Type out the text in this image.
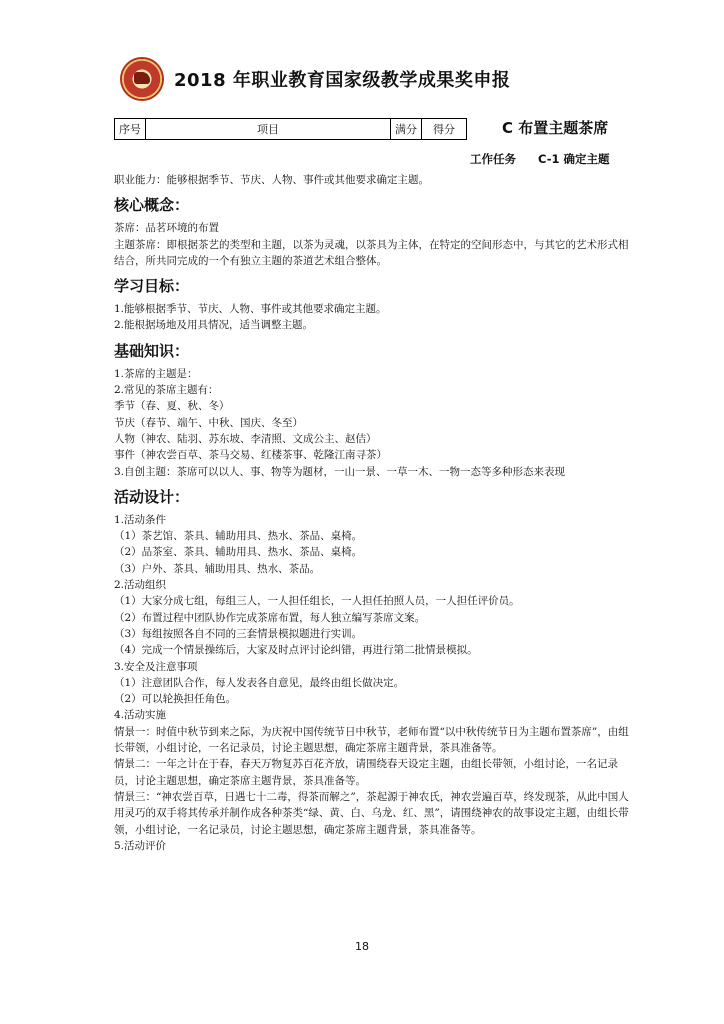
2018 年职业教育国家级教学成果奖申报
序号	项目	满分	得分	C 布置主题茶席
工作任务 C-1 确定主题

职业能力：能够根据季节、节庆、人物、事件或其他要求确定主题。

核心概念：

茶席：品茗环境的布置

主题茶席：即根据茶艺的类型和主题，以茶为灵魂，以茶具为主体，在特定的空间形态中，与其它的艺术形式相结合，所共同完成的一个有独立主题的茶道艺术组合整体。

学习目标：

1.能够根据季节、节庆、人物、事件或其他要求确定主题。

2.能根据场地及用具情况，适当调整主题。

基础知识：

1.茶席的主题是：

2.常见的茶席主题有：

季节（春、夏、秋、冬）

节庆（春节、端午、中秋、国庆、冬至）

人物（神农、陆羽、苏东坡、李清照、文成公主、赵佶）

事件（神农尝百草、茶马交易、红楼茶事、乾隆江南寻茶）

3.自创主题：茶席可以以人、事、物等为题材，一山一景、一草一木、一物一态等多种形态来表现

活动设计：

1.活动条件

（1）茶艺馆、茶具、辅助用具、热水、茶品、桌椅。

（2）品茶室、茶具、辅助用具、热水、茶品、桌椅。

（3）户外、茶具、辅助用具、热水、茶品。

2.活动组织

（1）大家分成七组，每组三人，一人担任组长，一人担任拍照人员，一人担任评价员。

（2）布置过程中团队协作完成茶席布置，每人独立编写茶席文案。

（3）每组按照各自不同的三套情景模拟题进行实训。

（4）完成一个情景操练后，大家及时点评讨论纠错，再进行第二批情景模拟。

3.安全及注意事项

（1）注意团队合作，每人发表各自意见，最终由组长做决定。

（2）可以轮换担任角色。

4.活动实施

情景一：时值中秋节到来之际，为庆祝中国传统节日中秋节，老师布置“以中秋传统节日为主题布置茶席”，由组长带领，小组讨论，一名记录员，讨论主题思想，确定茶席主题背景，茶具准备等。

情景二：一年之计在于春，春天万物复苏百花齐放，请围绕春天设定主题，由组长带领，小组讨论，一名记录员，讨论主题思想，确定茶席主题背景，茶具准备等。

情景三：“神农尝百草，日遇七十二毒，得茶而解之”，茶起源于神农氏，神农尝遍百草，终发现茶，从此中国人用灵巧的双手将其传承并制作成各种茶类“绿、黄、白、乌龙、红、黑”，请围绕神农的故事设定主题，由组长带领，小组讨论，一名记录员，讨论主题思想，确定茶席主题背景，茶具准备等。

5.活动评价

18
